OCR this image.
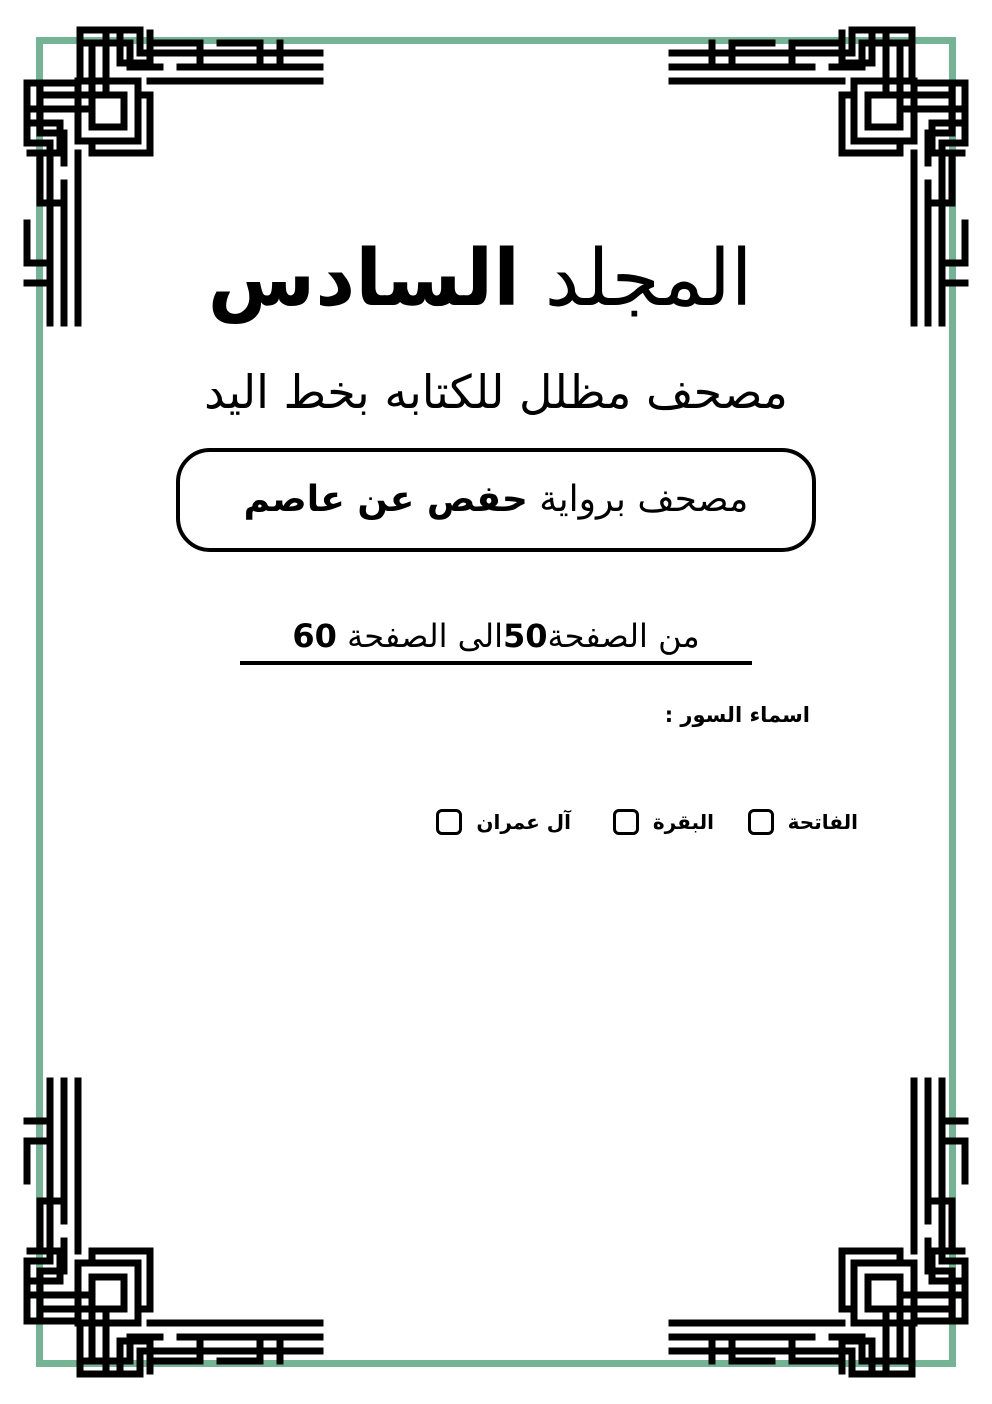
المجلد السادس
مصحف مظلل للكتابه بخط اليد
مصحف برواية حفص عن عاصم
من الصفحة50الى الصفحة 60
اسماء السور :
الفاتحة
البقرة
آل عمران
